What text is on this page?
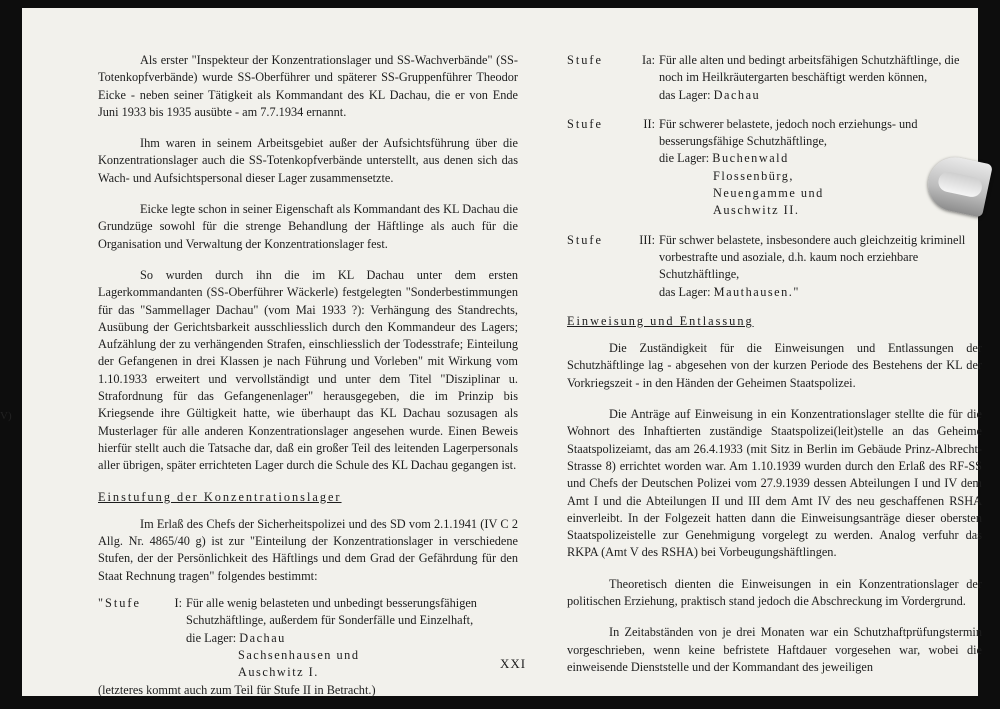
Als erster "Inspekteur der Konzentrationslager und SS-Wachverbände" (SS-Totenkopfverbände) wurde SS-Oberführer und späterer SS-Gruppenführer Theodor Eicke - neben seiner Tätigkeit als Kommandant des KL Dachau, die er von Ende Juni 1933 bis 1935 ausübte - am 7.7.1934 ernannt.

Ihm waren in seinem Arbeitsgebiet außer der Aufsichtsführung über die Konzentrationslager auch die SS-Totenkopfverbände unterstellt, aus denen sich das Wach- und Aufsichtspersonal dieser Lager zusammensetzte.

Eicke legte schon in seiner Eigenschaft als Kommandant des KL Dachau die Grundzüge sowohl für die strenge Behandlung der Häftlinge als auch für die Organisation und Verwaltung der Konzentrationslager fest.

So wurden durch ihn die im KL Dachau unter dem ersten Lagerkommandanten (SS-Oberführer Wäckerle) festgelegten "Sonderbestimmungen für das "Sammellager Dachau" (vom Mai 1933 ?): Verhängung des Standrechts, Ausübung der Gerichtsbarkeit ausschliesslich durch den Kommandeur des Lagers; Aufzählung der zu verhängenden Strafen, einschliesslich der Todesstrafe; Einteilung der Gefangenen in drei Klassen je nach Führung und Vorleben" mit Wirkung vom 1.10.1933 erweitert und vervollständigt und unter dem Titel "Disziplinar u. Strafordnung für das Gefangenenlager" herausgegeben, die im Prinzip bis Kriegsende ihre Gültigkeit hatte, wie überhaupt das KL Dachau sozusagen als Musterlager für alle anderen Konzentrationslager angesehen wurde. Einen Beweis hierfür stellt auch die Tatsache dar, daß ein großer Teil des leitenden Lagerpersonals aller übrigen, später errichteten Lager durch die Schule des KL Dachau gegangen ist.

Einstufung der Konzentrationslager

Im Erlaß des Chefs der Sicherheitspolizei und des SD vom 2.1.1941 (IV C 2 Allg. Nr. 4865/40 g) ist zur "Einteilung der Konzentrationslager in verschiedene Stufen, der der Persönlichkeit des Häftlings und dem Grad der Gefährdung für den Staat Rechnung tragen" folgendes bestimmt:

"Stufe	I: Für alle wenig belasteten und unbedingt besserungsfähigen Schutzhäftlinge, außerdem für Sonderfälle und Einzelhaft,
die Lager: Dachau
Sachsenhausen und
Auschwitz I.
(letzteres kommt auch zum Teil für Stufe II in Betracht.)
Stufe	Ia: Für alle alten und bedingt arbeitsfähigen Schutzhäftlinge, die noch im Heilkräutergarten beschäftigt werden können,
das Lager: Dachau
Stufe	II: Für schwerer belastete, jedoch noch erziehungs- und besserungsfähige Schutzhäftlinge,
die Lager: Buchenwald
Flossenbürg,
Neuengamme und
Auschwitz II.
Stufe	III: Für schwer belastete, insbesondere auch gleichzeitig kriminell vorbestrafte und asoziale, d.h. kaum noch erziehbare Schutzhäftlinge,
das Lager: Mauthausen."
Einweisung und Entlassung

Die Zuständigkeit für die Einweisungen und Entlassungen der Schutzhäftlinge lag - abgesehen von der kurzen Periode des Bestehens der KL der Vorkriegszeit - in den Händen der Geheimen Staatspolizei.

Die Anträge auf Einweisung in ein Konzentrationslager stellte die für die Wohnort des Inhaftierten zuständige Staatspolizei(leit)stelle an das Geheime Staatspolizeiamt, das am 26.4.1933 (mit Sitz in Berlin im Gebäude Prinz-Albrecht-Strasse 8) errichtet worden war. Am 1.10.1939 wurden durch den Erlaß des RF-SS und Chefs der Deutschen Polizei vom 27.9.1939 dessen Abteilungen I und IV dem Amt I und die Abteilungen II und III dem Amt IV des neu geschaffenen RSHA einverleibt. In der Folgezeit hatten dann die Einweisungsanträge dieser obersten Staatspolizeistelle zur Genehmigung vorgelegt zu werden. Analog verfuhr das RKPA (Amt V des RSHA) bei Vorbeugungshäftlingen.

Theoretisch dienten die Einweisungen in ein Konzentrationslager der politischen Erziehung, praktisch stand jedoch die Abschreckung im Vordergrund.

In Zeitabständen von je drei Monaten war ein Schutzhaftprüfungstermin vorgeschrieben, wenn keine befristete Haftdauer vorgesehen war, wobei die einweisende Dienststelle und der Kommandant des jeweiligen

XXI
V)
